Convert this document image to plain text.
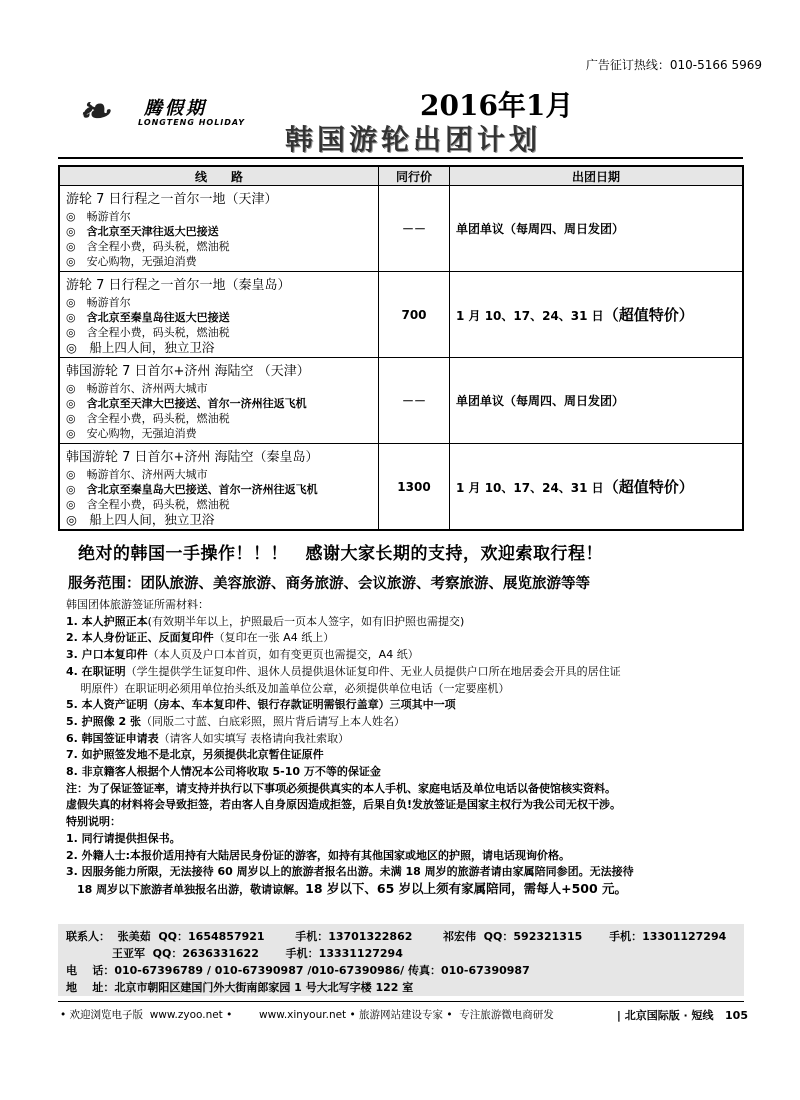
广告征订热线：010-5166 5969
❧ 腾假期
LONGTENG HOLIDAY
2016年1月
韩国游轮出团计划
线　　路	同行价	出团日期

游轮 7 日行程之一首尔一地（天津）
◎　畅游首尔
◎　含北京至天津往返大巴接送
◎　含全程小费，码头税，燃油税
◎　安心购物，无强迫消费	－－	单团单议（每周四、周日发团）

游轮 7 日行程之一首尔一地（秦皇岛）
◎　畅游首尔
◎　含北京至秦皇岛往返大巴接送
◎　含全程小费，码头税，燃油税
◎　船上四人间，独立卫浴	700	1 月 10、17、24、31 日（超值特价）

韩国游轮 7 日首尔+济州 海陆空 （天津）
◎　畅游首尔、济州两大城市
◎　含北京至天津大巴接送、首尔一济州往返飞机
◎　含全程小费，码头税，燃油税
◎　安心购物，无强迫消费	－－	单团单议（每周四、周日发团）

韩国游轮 7 日首尔+济州 海陆空（秦皇岛）
◎　畅游首尔、济州两大城市
◎　含北京至秦皇岛大巴接送、首尔一济州往返飞机
◎　含全程小费，码头税，燃油税
◎　船上四人间，独立卫浴	1300	1 月 10、17、24、31 日（超值特价）
绝对的韩国一手操作！！！　感谢大家长期的支持，欢迎索取行程！
服务范围：团队旅游、美容旅游、商务旅游、会议旅游、考察旅游、展览旅游等等
韩国团体旅游签证所需材料：
1. 本人护照正本(有效期半年以上，护照最后一页本人签字，如有旧护照也需提交)
2. 本人身份证正、反面复印件（复印在一张 A4 纸上）
3. 户口本复印件（本人页及户口本首页，如有变更页也需提交，A4 纸）
4. 在职证明（学生提供学生证复印件、退休人员提供退休证复印件、无业人员提供户口所在地居委会开具的居住证
　 明原件）在职证明必须用单位抬头纸及加盖单位公章，必须提供单位电话（一定要座机）
5. 本人资产证明（房本、车本复印件、银行存款证明需银行盖章）三项其中一项
5. 护照像 2 张（同版二寸蓝、白底彩照，照片背后请写上本人姓名）
6. 韩国签证申请表（请客人如实填写 表格请向我社索取）
7. 如护照签发地不是北京，另须提供北京暂住证原件
8. 非京籍客人根据个人情况本公司将收取 5-10 万不等的保证金
注：为了保证签证率，请支持并执行以下事项必须提供真实的本人手机、家庭电话及单位电话以备使馆核实资料。
虚假失真的材料将会导致拒签，若由客人自身原因造成拒签，后果自负!发放签证是国家主权行为我公司无权干涉。
特别说明：
1. 同行请提供担保书。
2. 外籍人士:本报价适用持有大陆居民身份证的游客，如持有其他国家或地区的护照，请电话现询价格。
3. 因服务能力所限，无法接待 60 周岁以上的旅游者报名出游。未满 18 周岁的旅游者请由家属陪同参团。无法接待
　18 周岁以下旅游者单独报名出游，敬请谅解。18 岁以下、65 岁以上须有家属陪同，需每人+500 元。
联系人：  张美茹  QQ：1654857921        手机：13701322862        祁宏伟  QQ：592321315       手机：13301127294
王亚军  QQ：2636331622       手机：13331127294
电    话：010-67396789 / 010-67390987 /010-67390986/ 传真：010-67390987
地    址：北京市朝阳区建国门外大街南郎家园 1 号大北写字楼 122 室
• 欢迎浏览电子版  www.zyoo.net •        www.xinyour.net • 旅游网站建设专家 •  专注旅游微电商研发	| 北京国际版 · 短线   105
